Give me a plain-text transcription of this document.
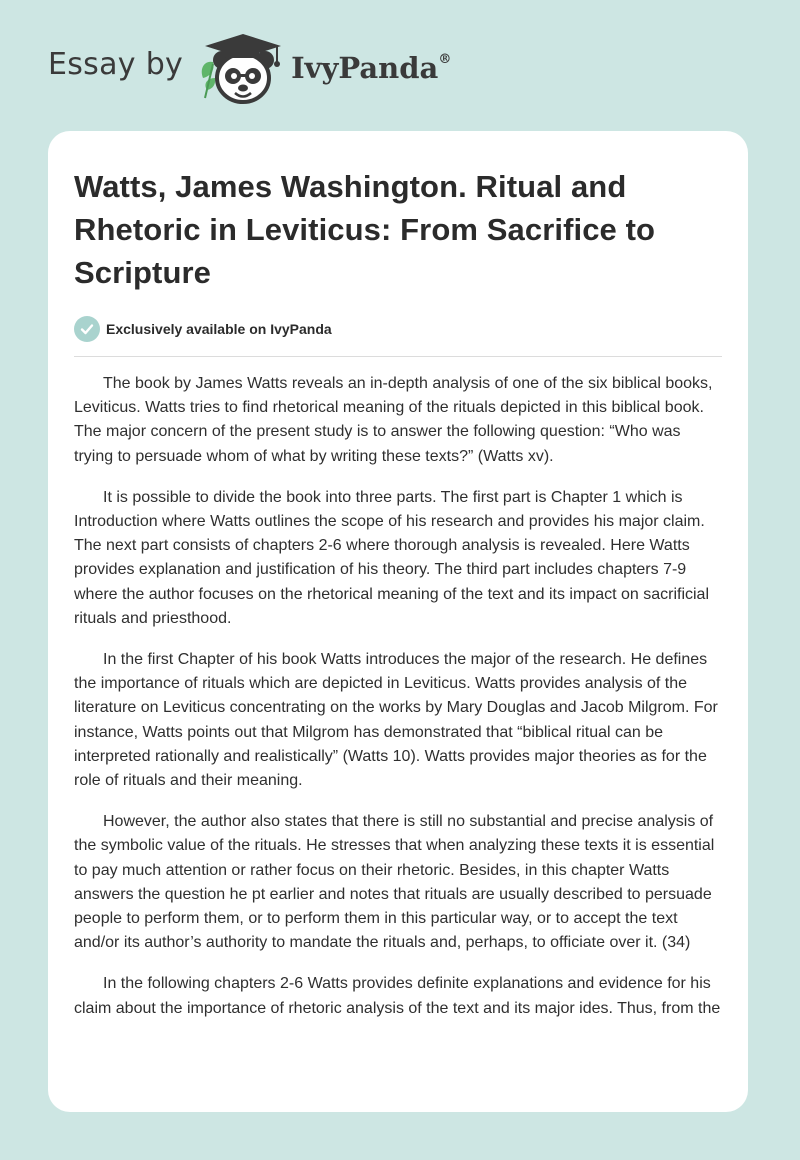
Essay by	IvyPanda®
Watts, James Washington. Ritual and Rhetoric in Leviticus: From Sacrifice to Scripture
Exclusively available on IvyPanda

The book by James Watts reveals an in-depth analysis of one of the six biblical books, Leviticus. Watts tries to find rhetorical meaning of the rituals depicted in this biblical book. The major concern of the present study is to answer the following question: “Who was trying to persuade whom of what by writing these texts?” (Watts xv).

It is possible to divide the book into three parts. The first part is Chapter 1 which is Introduction where Watts outlines the scope of his research and provides his major claim. The next part consists of chapters 2-6 where thorough analysis is revealed. Here Watts provides explanation and justification of his theory. The third part includes chapters 7-9 where the author focuses on the rhetorical meaning of the text and its impact on sacrificial rituals and priesthood.

In the first Chapter of his book Watts introduces the major of the research. He defines the importance of rituals which are depicted in Leviticus. Watts provides analysis of the literature on Leviticus concentrating on the works by Mary Douglas and Jacob Milgrom. For instance, Watts points out that Milgrom has demonstrated that “biblical ritual can be interpreted rationally and realistically” (Watts 10). Watts provides major theories as for the role of rituals and their meaning.

However, the author also states that there is still no substantial and precise analysis of the symbolic value of the rituals. He stresses that when analyzing these texts it is essential to pay much attention or rather focus on their rhetoric. Besides, in this chapter Watts answers the question he pt earlier and notes that rituals are usually described to persuade people to perform them, or to perform them in this particular way, or to accept the text and/or its author’s authority to mandate the rituals and, perhaps, to officiate over it. (34)

In the following chapters 2-6 Watts provides definite explanations and evidence for his claim about the importance of rhetoric analysis of the text and its major ides. Thus, from the
